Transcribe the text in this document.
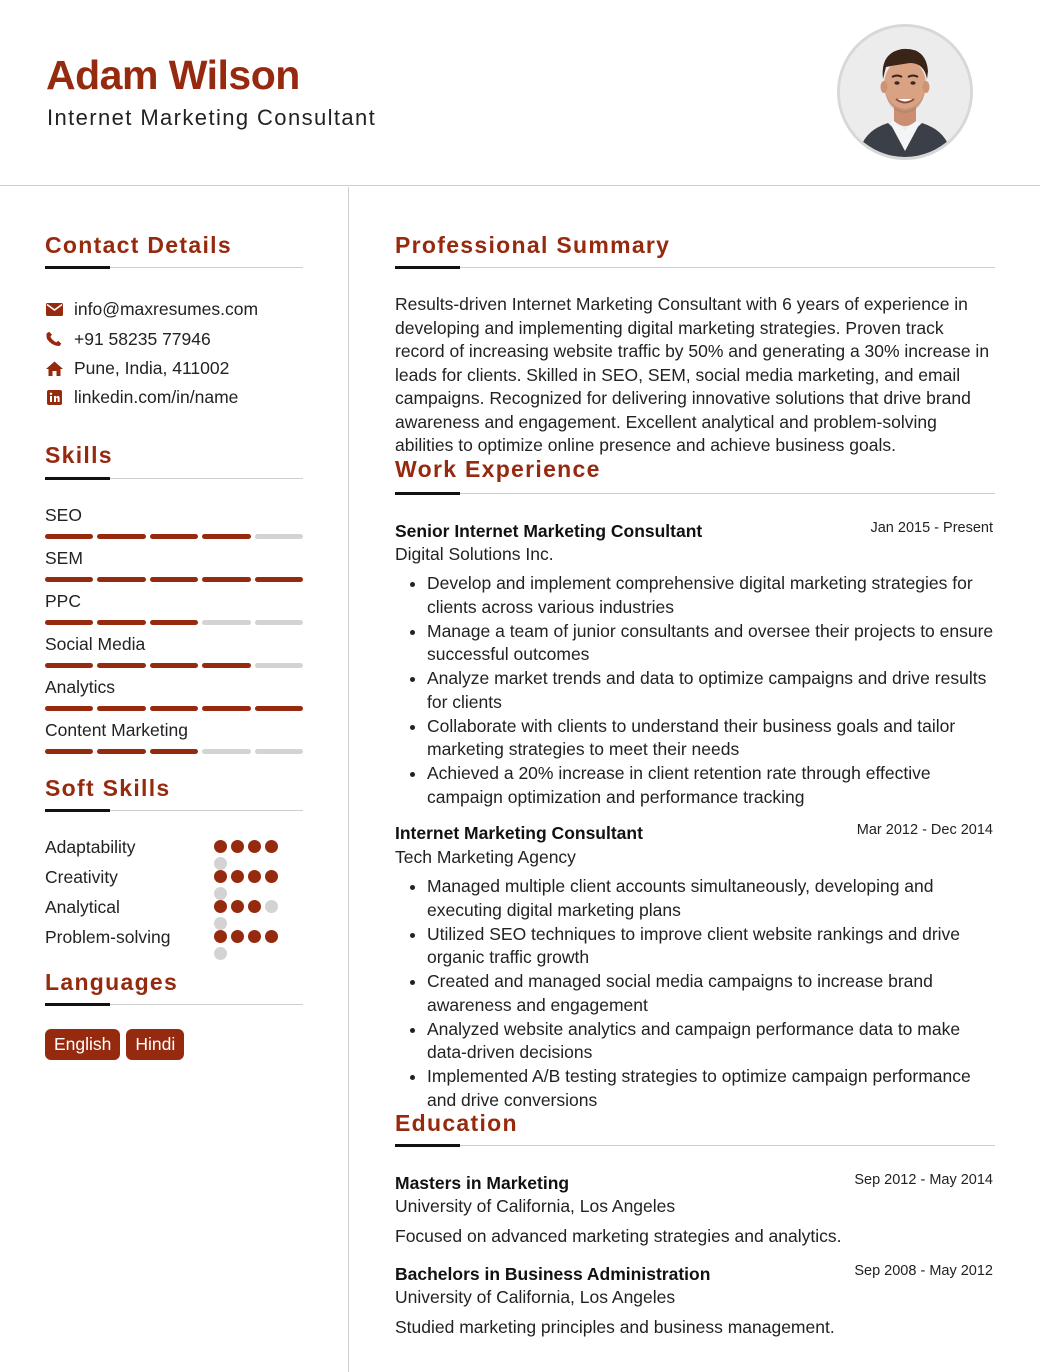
Adam Wilson
Internet Marketing Consultant
Contact Details
info@maxresumes.com
+91 58235 77946
Pune, India, 411002
linkedin.com/in/name
Skills
SEO
SEM
PPC
Social Media
Analytics
Content Marketing
Soft Skills
Adaptability
Creativity
Analytical
Problem-solving
Languages
English	Hindi
Professional Summary
Results-driven Internet Marketing Consultant with 6 years of experience in developing and implementing digital marketing strategies. Proven track record of increasing website traffic by 50% and generating a 30% increase in leads for clients. Skilled in SEO, SEM, social media marketing, and email campaigns. Recognized for delivering innovative solutions that drive brand awareness and engagement. Excellent analytical and problem-solving abilities to optimize online presence and achieve business goals.
Work Experience
Senior Internet Marketing Consultant	Jan 2015 - Present
Digital Solutions Inc.
Develop and implement comprehensive digital marketing strategies for clients across various industries
Manage a team of junior consultants and oversee their projects to ensure successful outcomes
Analyze market trends and data to optimize campaigns and drive results for clients
Collaborate with clients to understand their business goals and tailor marketing strategies to meet their needs
Achieved a 20% increase in client retention rate through effective campaign optimization and performance tracking
Internet Marketing Consultant	Mar 2012 - Dec 2014
Tech Marketing Agency
Managed multiple client accounts simultaneously, developing and executing digital marketing plans
Utilized SEO techniques to improve client website rankings and drive organic traffic growth
Created and managed social media campaigns to increase brand awareness and engagement
Analyzed website analytics and campaign performance data to make data-driven decisions
Implemented A/B testing strategies to optimize campaign performance and drive conversions
Education
Masters in Marketing	Sep 2012 - May 2014
University of California, Los Angeles
Focused on advanced marketing strategies and analytics.
Bachelors in Business Administration	Sep 2008 - May 2012
University of California, Los Angeles
Studied marketing principles and business management.
